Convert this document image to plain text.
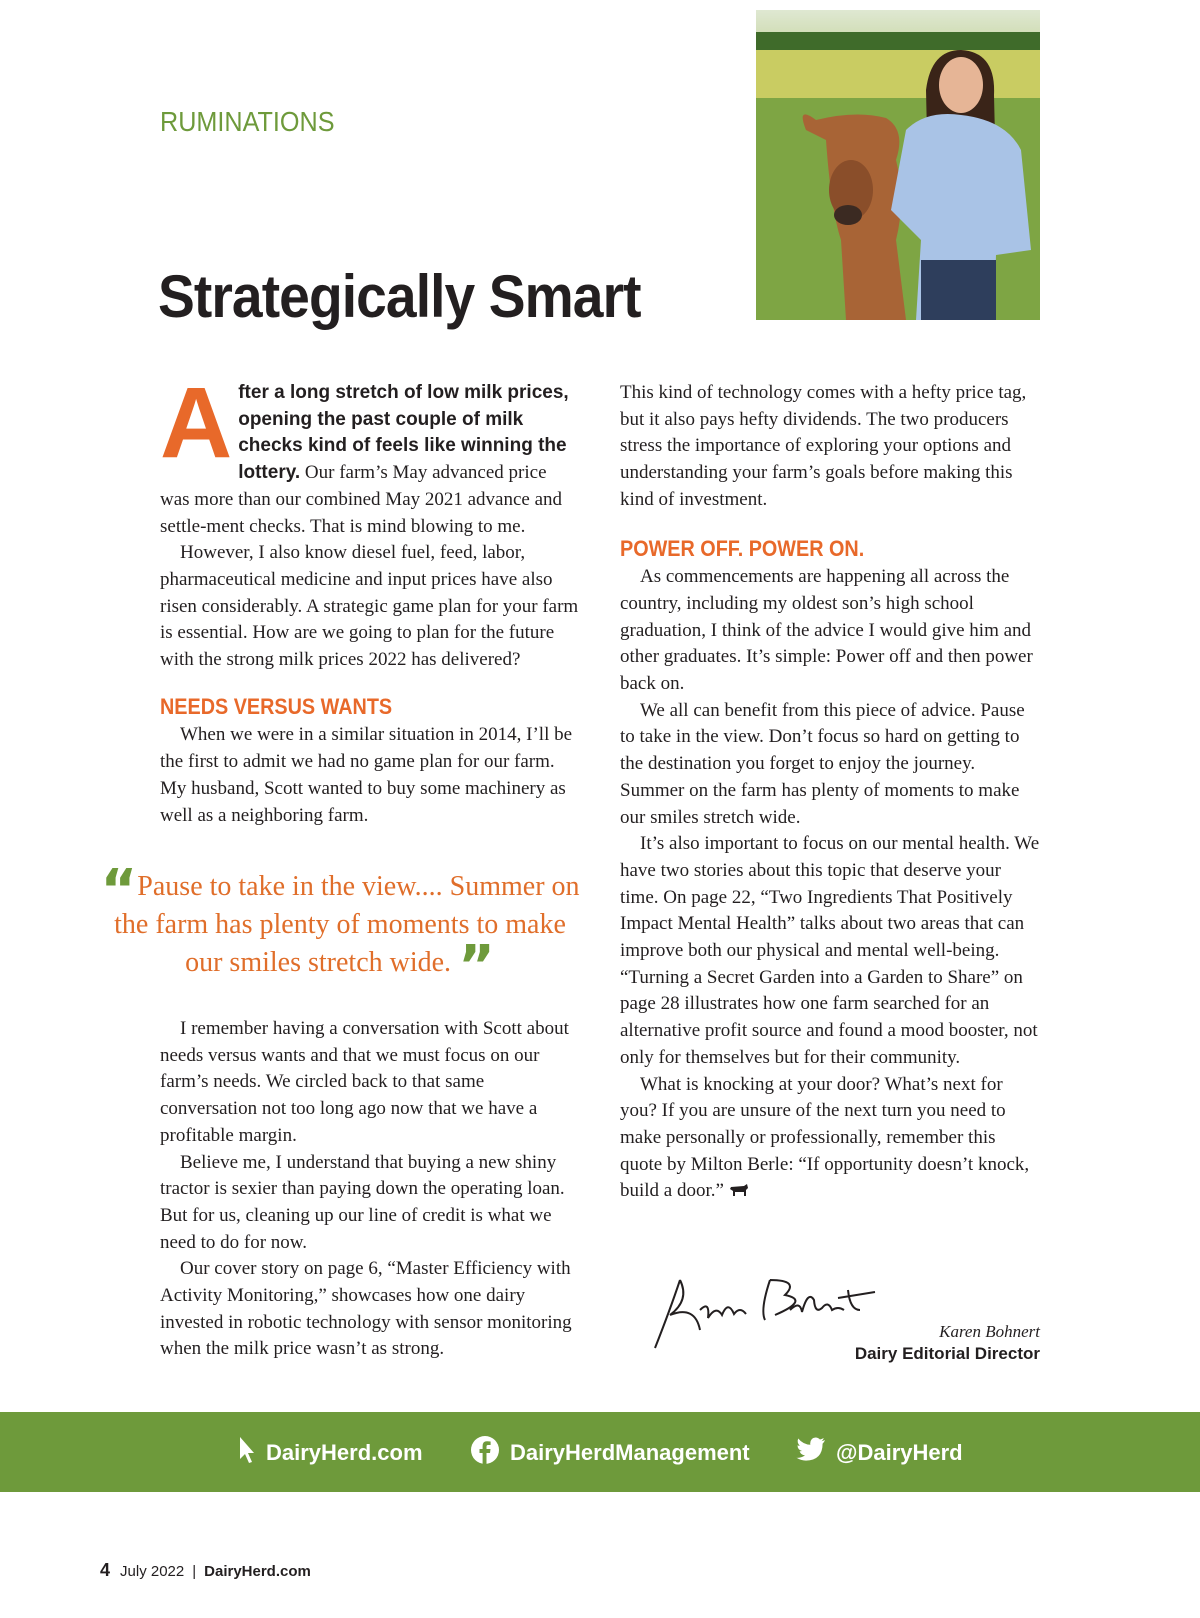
RUMINATIONS
Strategically Smart

After a long stretch of low milk prices, opening the past couple of milk checks kind of feels like winning the lottery. Our farm’s May advanced price was more than our combined May 2021 advance and settle-ment checks. That is mind blowing to me.

However, I also know diesel fuel, feed, labor, pharmaceutical medicine and input prices have also risen considerably. A strategic game plan for your farm is essential. How are we going to plan for the future with the strong milk prices 2022 has delivered?

NEEDS VERSUS WANTS

When we were in a similar situation in 2014, I’ll be the first to admit we had no game plan for our farm. My husband, Scott wanted to buy some machinery as well as a neighboring farm.

“Pause to take in the view.... Summer on the farm has plenty of moments to make our smiles stretch wide. ”

I remember having a conversation with Scott about needs versus wants and that we must focus on our farm’s needs. We circled back to that same conversation not too long ago now that we have a profitable margin.

Believe me, I understand that buying a new shiny tractor is sexier than paying down the operating loan. But for us, cleaning up our line of credit is what we need to do for now.

Our cover story on page 6, “Master Efficiency with Activity Monitoring,” showcases how one dairy invested in robotic technology with sensor monitoring when the milk price wasn’t as strong.

This kind of technology comes with a hefty price tag, but it also pays hefty dividends. The two producers stress the importance of exploring your options and understanding your farm’s goals before making this kind of investment.

POWER OFF. POWER ON.

As commencements are happening all across the country, including my oldest son’s high school graduation, I think of the advice I would give him and other graduates. It’s simple: Power off and then power back on.

We all can benefit from this piece of advice. Pause to take in the view. Don’t focus so hard on getting to the destination you forget to enjoy the journey. Summer on the farm has plenty of moments to make our smiles stretch wide.

It’s also important to focus on our mental health. We have two stories about this topic that deserve your time. On page 22, “Two Ingredients That Positively Impact Mental Health” talks about two areas that can improve both our physical and mental well-being. “Turning a Secret Garden into a Garden to Share” on page 28 illustrates how one farm searched for an alternative profit source and found a mood booster, not only for themselves but for their community.

What is knocking at your door? What’s next for you? If you are unsure of the next turn you need to make personally or professionally, remember this quote by Milton Berle: “If opportunity doesn’t knock, build a door.”

Karen Bohnert
Dairy Editorial Director
DairyHerd.com	DairyHerdManagement	@DairyHerd
4 July 2022 | DairyHerd.com
